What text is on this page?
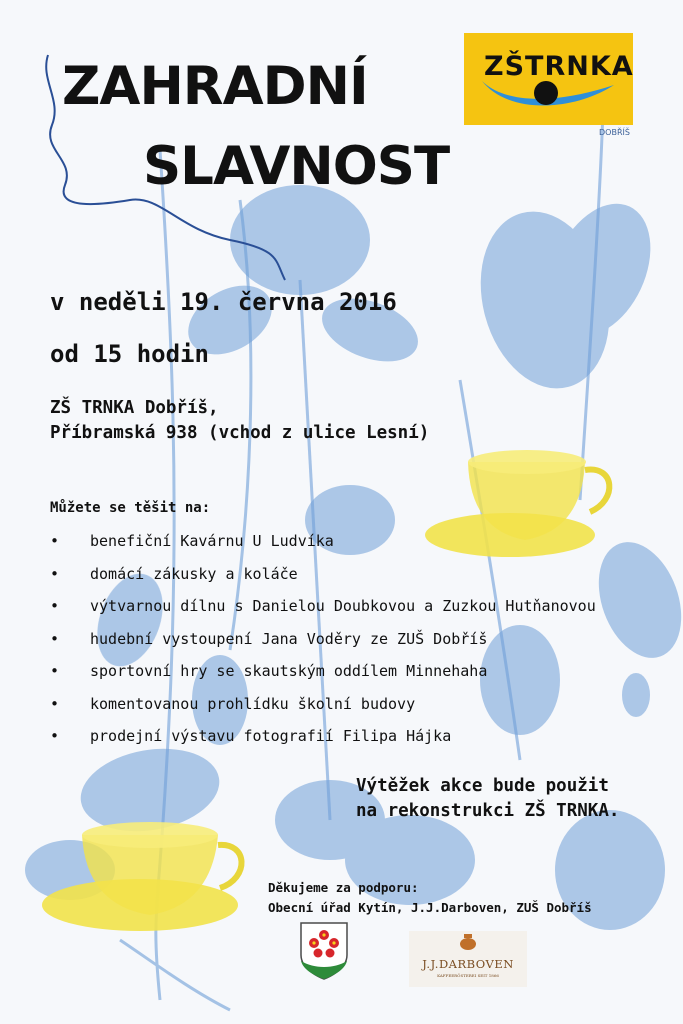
ZŠTRNKA
DOBŘÍŠ
ZAHRADNÍ
SLAVNOST
v neděli 19. června 2016
od 15 hodin
ZŠ TRNKA Dobříš,
Příbramská 938 (vchod z ulice Lesní)
Můžete se těšit na:
• benefiční Kavárnu U Ludvíka
• domácí zákusky a koláče
• výtvarnou dílnu s Danielou Doubkovou a Zuzkou Hutňanovou
• hudební vystoupení Jana Voděry ze ZUŠ Dobříš
• sportovní hry se skautským oddílem Minnehaha
• komentovanou prohlídku školní budovy
• prodejní výstavu fotografií Filipa Hájka
Výtěžek akce bude použit
na rekonstrukci ZŠ TRNKA.
Děkujeme za podporu:
Obecní úřad Kytín, J.J.Darboven, ZUŠ Dobříš
J.J.DARBOVEN
KAFFEERÖSTEREI SEIT 1866
